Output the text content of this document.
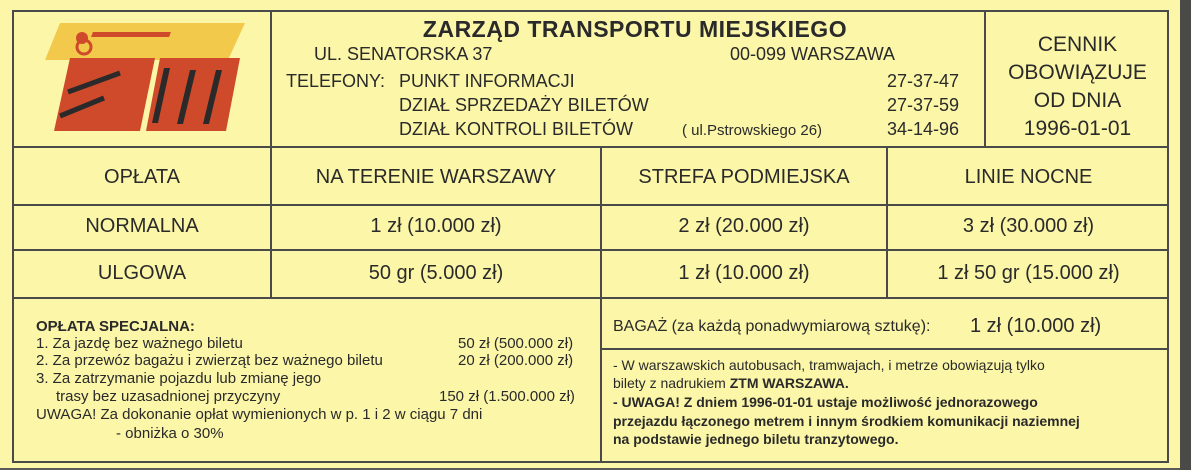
ZARZĄD TRANSPORTU MIEJSKIEGO
UL. SENATORSKA 37	00-099 WARSZAWA
TELEFONY: PUNKT INFORMACJI	27-37-47
DZIAŁ SPRZEDAŻY BILETÓW	27-37-59
DZIAŁ KONTROLI BILETÓW	( ul.Pstrowskiego 26)	34-14-96
CENNIK
OBOWIĄZUJE
OD DNIA
1996-01-01
OPŁATA	NA TERENIE WARSZAWY	STREFA PODMIEJSKA	LINIE NOCNE
NORMALNA	1 zł (10.000 zł)	2 zł (20.000 zł)	3 zł (30.000 zł)
ULGOWA	50 gr (5.000 zł)	1 zł (10.000 zł)	1 zł 50 gr (15.000 zł)
OPŁATA SPECJALNA:
1. Za jazdę bez ważnego biletu	50 zł (500.000 zł)
2. Za przewóz bagażu i zwierząt bez ważnego biletu	20 zł (200.000 zł)
3. Za zatrzymanie pojazdu lub zmianę jego
trasy bez uzasadnionej przyczyny	150 zł (1.500.000 zł)
UWAGA! Za dokonanie opłat wymienionych w p. 1 i 2 w ciągu 7 dni
- obniżka o 30%
BAGAŻ (za każdą ponadwymiarową sztukę): 1 zł (10.000 zł)
- W warszawskich autobusach, tramwajach, i metrze obowiązują tylko
bilety z nadrukiem ZTM WARSZAWA.
- UWAGA! Z dniem 1996-01-01 ustaje możliwość jednorazowego
przejazdu łączonego metrem i innym środkiem komunikacji naziemnej
na podstawie jednego biletu tranzytowego.
